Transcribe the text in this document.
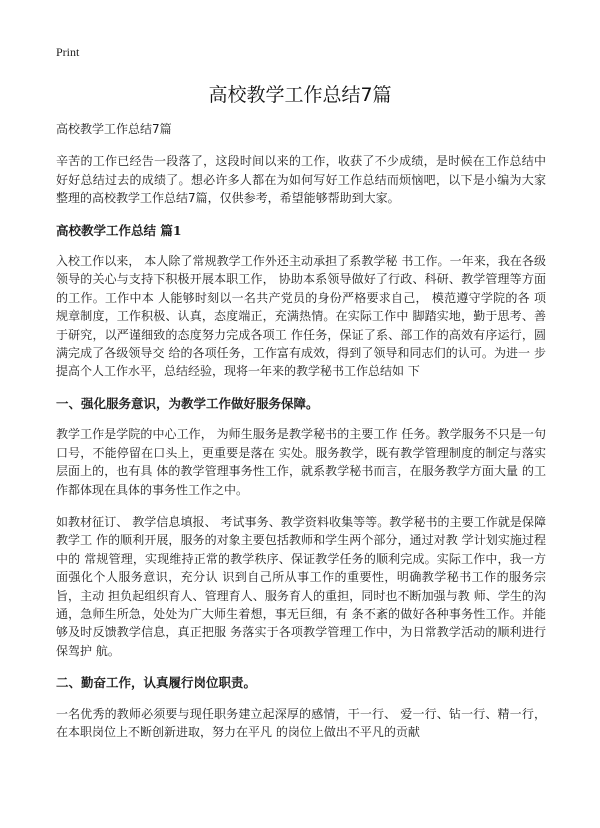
Print
高校教学工作总结7篇

高校教学工作总结7篇

辛苦的工作已经告一段落了，这段时间以来的工作，收获了不少成绩，是时候在工作总结中好好总结过去的成绩了。想必许多人都在为如何写好工作总结而烦恼吧，以下是小编为大家整理的高校教学工作总结7篇，仅供参考，希望能够帮助到大家。

高校教学工作总结 篇1

入校工作以来， 本人除了常规教学工作外还主动承担了系教学秘 书工作。一年来，我在各级领导的关心与支持下积极开展本职工作， 协助本系领导做好了行政、科研、教学管理等方面的工作。工作中本 人能够时刻以一名共产党员的身份严格要求自己， 模范遵守学院的各 项规章制度，工作积极、认真，态度端正，充满热情。在实际工作中 脚踏实地，勤于思考、善于研究，以严谨细致的态度努力完成各项工 作任务，保证了系、部工作的高效有序运行，圆满完成了各级领导交 给的各项任务，工作富有成效，得到了领导和同志们的认可。为进一 步提高个人工作水平，总结经验，现将一年来的教学秘书工作总结如 下

一、强化服务意识，为教学工作做好服务保障。

教学工作是学院的中心工作， 为师生服务是教学秘书的主要工作 任务。教学服务不只是一句口号，不能停留在口头上，更重要是落在 实处。服务教学，既有教学管理制度的制定与落实层面上的，也有具 体的教学管理事务性工作，就系教学秘书而言，在服务教学方面大量 的工作都体现在具体的事务性工作之中。

如教材征订、 教学信息填报、 考试事务、教学资料收集等等。教学秘书的主要工作就是保障教学工 作的顺利开展，服务的对象主要包括教师和学生两个部分，通过对教 学计划实施过程中的 常规管理，实现维持正常的教学秩序、保证教学任务的顺利完成。实际工作中，我一方面强化个人服务意识，充分认 识到自己所从事工作的重要性，明确教学秘书工作的服务宗旨，主动 担负起组织育人、管理育人、服务育人的重担，同时也不断加强与教 师、学生的沟通，急师生所急，处处为广大师生着想，事无巨细，有 条不紊的做好各种事务性工作。并能够及时反馈教学信息，真正把服 务落实于各项教学管理工作中，为日常教学活动的顺利进行保驾护 航。

二、勤奋工作，认真履行岗位职责。

一名优秀的教师必须要与现任职务建立起深厚的感情，干一行、 爱一行、钻一行、精一行，在本职岗位上不断创新进取，努力在平凡 的岗位上做出不平凡的贡献
